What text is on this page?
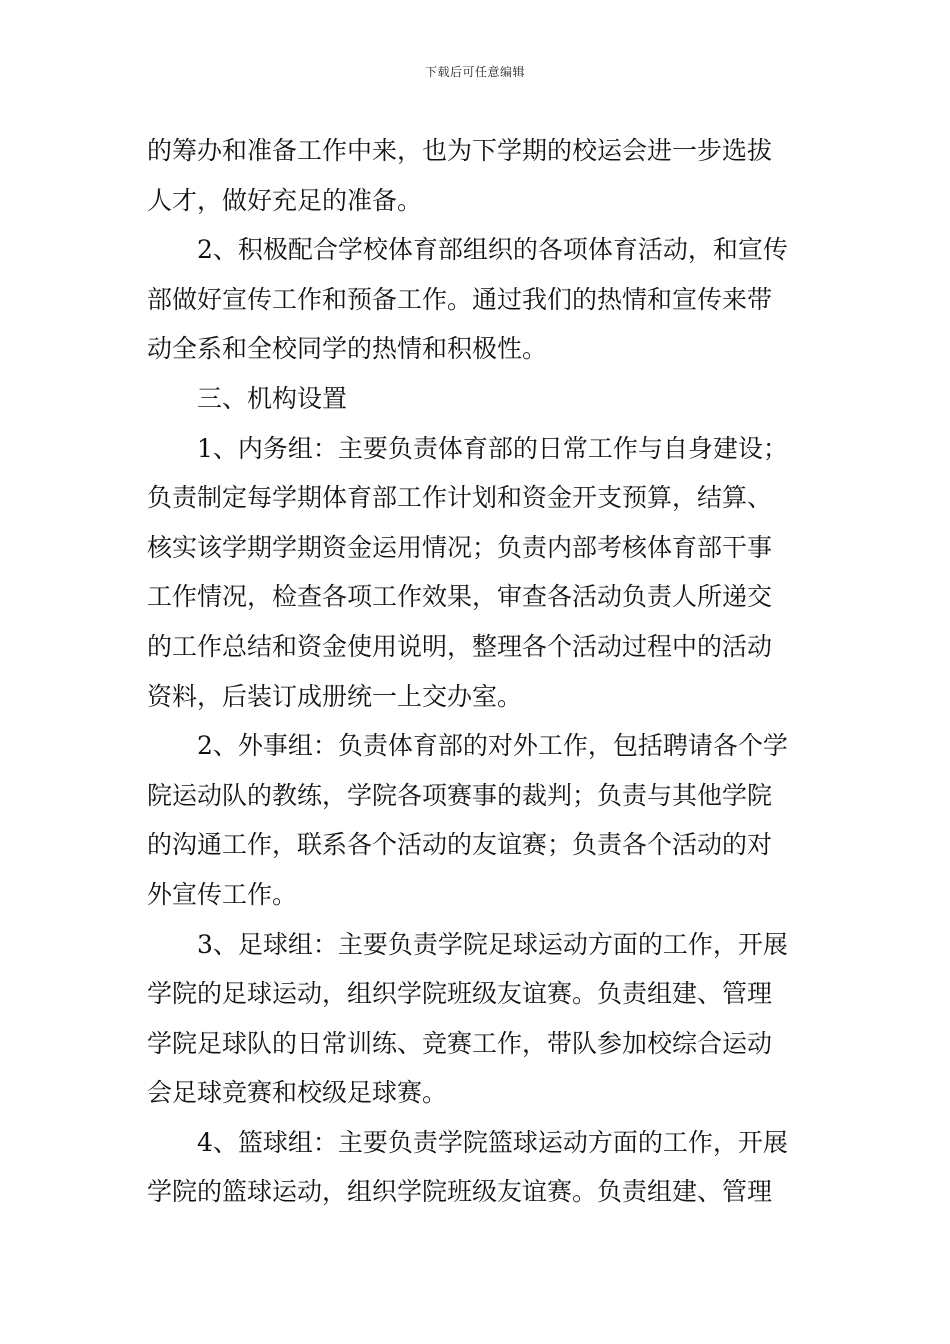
下载后可任意编辑
的筹办和准备工作中来，也为下学期的校运会进一步选拔
人才，做好充足的准备。
2、积极配合学校体育部组织的各项体育活动，和宣传
部做好宣传工作和预备工作。通过我们的热情和宣传来带
动全系和全校同学的热情和积极性。
三、机构设置
1、内务组：主要负责体育部的日常工作与自身建设；
负责制定每学期体育部工作计划和资金开支预算，结算、
核实该学期学期资金运用情况；负责内部考核体育部干事
工作情况，检查各项工作效果，审查各活动负责人所递交
的工作总结和资金使用说明，整理各个活动过程中的活动
资料，后装订成册统一上交办室。
2、外事组：负责体育部的对外工作，包括聘请各个学
院运动队的教练，学院各项赛事的裁判；负责与其他学院
的沟通工作，联系各个活动的友谊赛；负责各个活动的对
外宣传工作。
3、足球组：主要负责学院足球运动方面的工作，开展
学院的足球运动，组织学院班级友谊赛。负责组建、管理
学院足球队的日常训练、竞赛工作，带队参加校综合运动
会足球竞赛和校级足球赛。
4、篮球组：主要负责学院篮球运动方面的工作，开展
学院的篮球运动，组织学院班级友谊赛。负责组建、管理
